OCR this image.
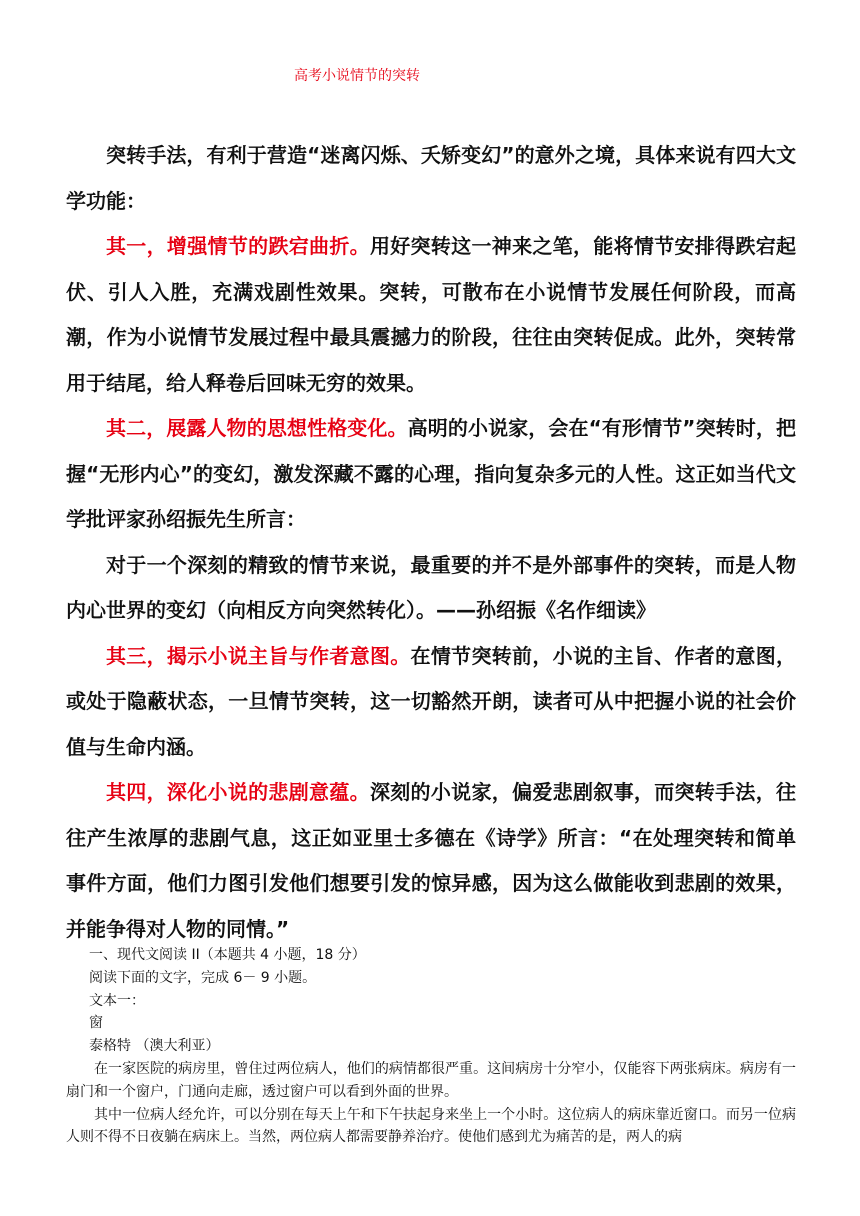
高考小说情节的突转

突转手法，有利于营造“迷离闪烁、夭矫变幻”的意外之境，具体来说有四大文学功能：

其一，增强情节的跌宕曲折。用好突转这一神来之笔，能将情节安排得跌宕起伏、引人入胜，充满戏剧性效果。突转，可散布在小说情节发展任何阶段，而高潮，作为小说情节发展过程中最具震撼力的阶段，往往由突转促成。此外，突转常用于结尾，给人释卷后回味无穷的效果。

其二，展露人物的思想性格变化。高明的小说家，会在“有形情节”突转时，把握“无形内心”的变幻，激发深藏不露的心理，指向复杂多元的人性。这正如当代文学批评家孙绍振先生所言：

对于一个深刻的精致的情节来说，最重要的并不是外部事件的突转，而是人物内心世界的变幻（向相反方向突然转化）。——孙绍振《名作细读》

其三，揭示小说主旨与作者意图。在情节突转前，小说的主旨、作者的意图，或处于隐蔽状态，一旦情节突转，这一切豁然开朗，读者可从中把握小说的社会价值与生命内涵。

其四，深化小说的悲剧意蕴。深刻的小说家，偏爱悲剧叙事，而突转手法，往往产生浓厚的悲剧气息，这正如亚里士多德在《诗学》所言：“在处理突转和简单事件方面，他们力图引发他们想要引发的惊异感，因为这么做能收到悲剧的效果，并能争得对人物的同情。”

一、现代文阅读 II（本题共 4 小题，18 分）

阅读下面的文字，完成 6－ 9 小题。

文本一：

窗

泰格特 （澳大利亚）

在一家医院的病房里，曾住过两位病人，他们的病情都很严重。这间病房十分窄小，仅能容下两张病床。病房有一扇门和一个窗户，门通向走廊，透过窗户可以看到外面的世界。

其中一位病人经允许，可以分别在每天上午和下午扶起身来坐上一个小时。这位病人的病床靠近窗口。而另一位病人则不得不日夜躺在病床上。当然，两位病人都需要静养治疗。使他们感到尤为痛苦的是，两人的病
